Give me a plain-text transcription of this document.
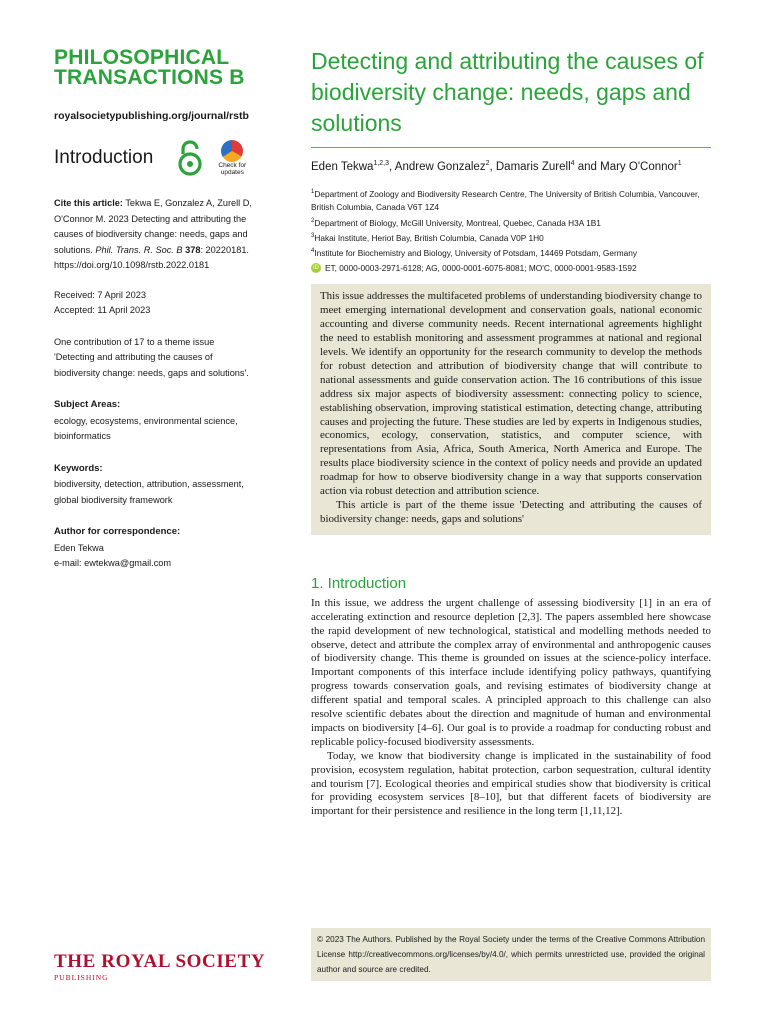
PHILOSOPHICAL
TRANSACTIONS B
royalsocietypublishing.org/journal/rstb
Introduction	Check for updates
Cite this article: Tekwa E, Gonzalez A, Zurell D, O'Connor M. 2023 Detecting and attributing the causes of biodiversity change: needs, gaps and solutions. Phil. Trans. R. Soc. B 378: 20220181.
https://doi.org/10.1098/rstb.2022.0181
Received: 7 April 2023
Accepted: 11 April 2023
One contribution of 17 to a theme issue 'Detecting and attributing the causes of biodiversity change: needs, gaps and solutions'.
Subject Areas:
ecology, ecosystems, environmental science, bioinformatics
Keywords:
biodiversity, detection, attribution, assessment, global biodiversity framework
Author for correspondence:
Eden Tekwa
e-mail: ewtekwa@gmail.com
THE ROYAL SOCIETY
PUBLISHING
Detecting and attributing the causes of biodiversity change: needs, gaps and solutions
Eden Tekwa$^{1,2,3}$, Andrew Gonzalez$^2$, Damaris Zurell$^4$ and Mary O'Connor$^1$
$^1$Department of Zoology and Biodiversity Research Centre, The University of British Columbia, Vancouver, British Columbia, Canada V6T 1Z4
$^2$Department of Biology, McGill University, Montreal, Quebec, Canada H3A 1B1
$^3$Hakai Institute, Heriot Bay, British Columbia, Canada V0P 1H0
$^4$Institute for Biochemistry and Biology, University of Potsdam, 14469 Potsdam, Germany
iD ET, 0000-0003-2971-6128; AG, 0000-0001-6075-8081; MO'C, 0000-0001-9583-1592

This issue addresses the multifaceted problems of understanding biodiversity change to meet emerging international development and conservation goals, national economic accounting and diverse community needs. Recent international agreements highlight the need to establish monitoring and assessment programmes at national and regional levels. We identify an opportunity for the research community to develop the methods for robust detection and attribution of biodiversity change that will contribute to national assessments and guide conservation action. The 16 contributions of this issue address six major aspects of biodiversity assessment: connecting policy to science, establishing observation, improving statistical estimation, detecting change, attributing causes and projecting the future. These studies are led by experts in Indigenous studies, economics, ecology, conservation, statistics, and computer science, with representations from Asia, Africa, South America, North America and Europe. The results place biodiversity science in the context of policy needs and provide an updated roadmap for how to observe biodiversity change in a way that supports conservation action via robust detection and attribution science.

This article is part of the theme issue 'Detecting and attributing the causes of biodiversity change: needs, gaps and solutions'

1. Introduction

In this issue, we address the urgent challenge of assessing biodiversity [1] in an era of accelerating extinction and resource depletion [2,3]. The papers assembled here showcase the rapid development of new technological, statistical and modelling methods needed to observe, detect and attribute the complex array of environmental and anthropogenic causes of biodiversity change. This theme is grounded on issues at the science-policy interface. Important components of this interface include identifying policy pathways, quantifying progress towards conservation goals, and revising estimates of biodiversity change at different spatial and temporal scales. A principled approach to this challenge can also resolve scientific debates about the direction and magnitude of human and environmental impacts on biodiversity [4–6]. Our goal is to provide a roadmap for conducting robust and replicable policy-focused biodiversity assessments.

Today, we know that biodiversity change is implicated in the sustainability of food provision, ecosystem regulation, habitat protection, carbon sequestration, cultural identity and tourism [7]. Ecological theories and empirical studies show that biodiversity is critical for providing ecosystem services [8–10], but that different facets of biodiversity are important for their persistence and resilience in the long term [1,11,12].

© 2023 The Authors. Published by the Royal Society under the terms of the Creative Commons Attribution License http://creativecommons.org/licenses/by/4.0/, which permits unrestricted use, provided the original author and source are credited.
